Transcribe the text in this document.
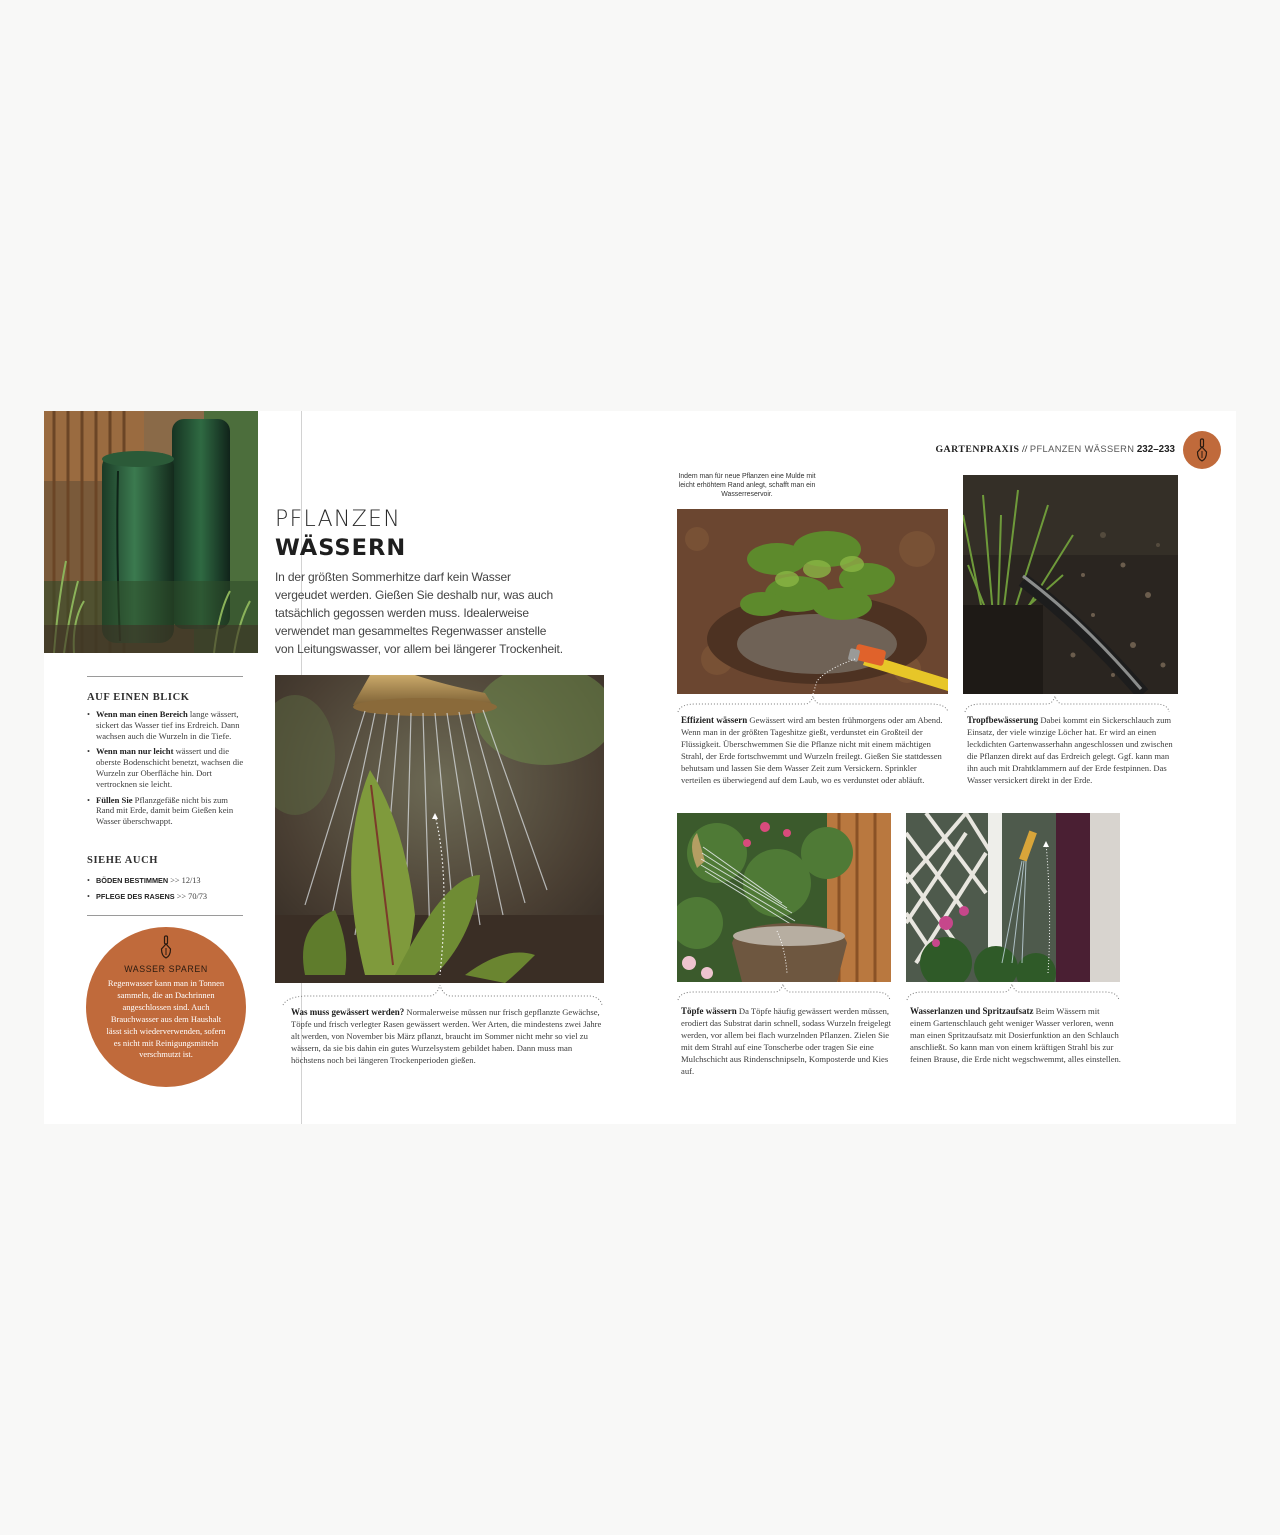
AUF EINEN BLICK
• Wenn man einen Bereich lange wässert, sickert das Wasser tief ins Erdreich. Dann wachsen auch die Wurzeln in die Tiefe.
• Wenn man nur leicht wässert und die oberste Bodenschicht benetzt, wachsen die Wurzeln zur Oberfläche hin. Dort vertrocknen sie leicht.
• Füllen Sie Pflanzgefäße nicht bis zum Rand mit Erde, damit beim Gießen kein Wasser überschwappt.
SIEHE AUCH
• BÖDEN BESTIMMEN >> 12/13
• PFLEGE DES RASENS >> 70/73
WASSER SPAREN
Regenwasser kann man in Tonnen sammeln, die an Dachrinnen angeschlossen sind. Auch Brauchwasser aus dem Haushalt lässt sich wiederverwenden, sofern es nicht mit Reinigungsmitteln verschmutzt ist.
PFLANZEN
WÄSSERN
In der größten Sommerhitze darf kein Wasser vergeudet werden. Gießen Sie deshalb nur, was auch tatsächlich gegossen werden muss. Idealerweise verwendet man gesammeltes Regenwasser anstelle von Leitungswasser, vor allem bei längerer Trockenheit.
Was muss gewässert werden? Normalerweise müssen nur frisch gepflanzte Gewächse, Töpfe und frisch verlegter Rasen gewässert werden. Wer Arten, die mindestens zwei Jahre alt werden, von November bis März pflanzt, braucht im Sommer nicht mehr so viel zu wässern, da sie bis dahin ein gutes Wurzelsystem gebildet haben. Dann muss man höchstens noch bei längeren Trockenperioden gießen.
GARTENPRAXIS // PFLANZEN WÄSSERN 232–233
Indem man für neue Pflanzen eine Mulde mit leicht erhöhtem Rand anlegt, schafft man ein Wasserreservoir.
Effizient wässern Gewässert wird am besten frühmorgens oder am Abend. Wenn man in der größten Tageshitze gießt, verdunstet ein Großteil der Flüssigkeit. Überschwemmen Sie die Pflanze nicht mit einem mächtigen Strahl, der Erde fortschwemmt und Wurzeln freilegt. Gießen Sie stattdessen behutsam und lassen Sie dem Wasser Zeit zum Versickern. Sprinkler verteilen es überwiegend auf dem Laub, wo es verdunstet oder abläuft.
Tropfbewässerung Dabei kommt ein Sickerschlauch zum Einsatz, der viele winzige Löcher hat. Er wird an einen leckdichten Gartenwasserhahn angeschlossen und zwischen die Pflanzen direkt auf das Erdreich gelegt. Ggf. kann man ihn auch mit Drahtklammern auf der Erde festpinnen. Das Wasser versickert direkt in der Erde.
Töpfe wässern Da Töpfe häufig gewässert werden müssen, erodiert das Substrat darin schnell, sodass Wurzeln freigelegt werden, vor allem bei flach wurzelnden Pflanzen. Zielen Sie mit dem Strahl auf eine Tonscherbe oder tragen Sie eine Mulchschicht aus Rindenschnipseln, Komposterde und Kies auf.
Wasserlanzen und Spritzaufsatz Beim Wässern mit einem Gartenschlauch geht weniger Wasser verloren, wenn man einen Spritzaufsatz mit Dosierfunktion an den Schlauch anschließt. So kann man von einem kräftigen Strahl bis zur feinen Brause, die Erde nicht wegschwemmt, alles einstellen.
